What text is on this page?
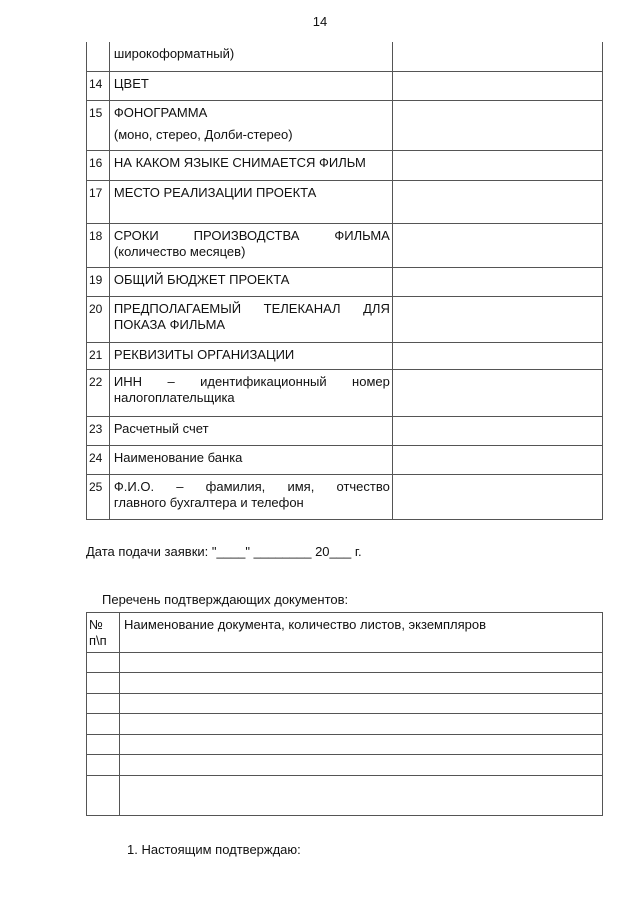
14
	широкоформатный)	
14	ЦВЕТ	
15	ФОНОГРАММА
(моно, стерео, Долби-стерео)	

16	НА КАКОМ ЯЗЫКЕ СНИМАЕТСЯ ФИЛЬМ	
17	МЕСТО РЕАЛИЗАЦИИ ПРОЕКТА	
18	СРОКИ ПРОИЗВОДСТВА ФИЛЬМА
(количество месяцев)	

19	ОБЩИЙ БЮДЖЕТ ПРОЕКТА	
20	ПРЕДПОЛАГАЕМЫЙ ТЕЛЕКАНАЛ ДЛЯ
ПОКАЗА ФИЛЬМА	

21	РЕКВИЗИТЫ ОРГАНИЗАЦИИ	
22	ИНН – идентификационный номер
налогоплательщика	

23	Расчетный счет	
24	Наименование банка	
25	Ф.И.О. – фамилия, имя, отчество
главного бухгалтера и телефон	

Дата подачи заявки: "____" ________ 20___ г.
Перечень подтверждающих документов:
№ п\п	Наименование документа, количество листов, экземпляров

1. Настоящим подтверждаю:
